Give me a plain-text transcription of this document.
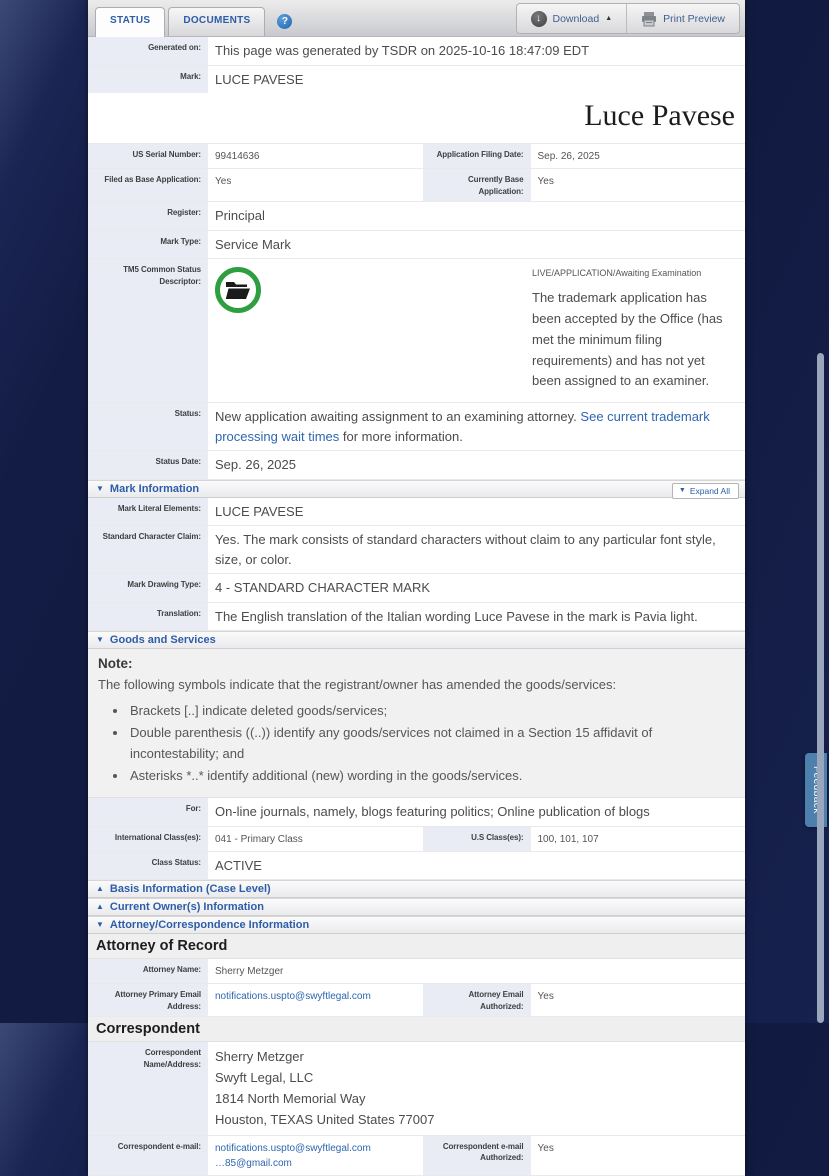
STATUS	DOCUMENTS	?	↓	Download ▲	Print Preview
Generated on:	This page was generated by TSDR on 2025-10-16 18:47:09 EDT
Mark:	LUCE PAVESE
Luce Pavese
US Serial Number:	99414636	Application Filing Date:	Sep. 26, 2025
Filed as Base Application:	Yes	Currently Base Application:
Yes
Register:	Principal
Mark Type:	Service Mark
TM5 Common Status Descriptor:
LIVE/APPLICATION/Awaiting Examination
The trademark application has been accepted by the Office (has met the minimum filing requirements) and has not yet been assigned to an examiner.
Status:	New application awaiting assignment to an examining attorney. See current trademark processing wait times for more information.
Status Date:	Sep. 26, 2025
▼ Mark Information	▼ Expand All
Mark Literal Elements:	LUCE PAVESE
Standard Character Claim:	Yes. The mark consists of standard characters without claim to any particular font style, size, or color.
Mark Drawing Type:	4 - STANDARD CHARACTER MARK
Translation:	The English translation of the Italian wording Luce Pavese in the mark is Pavia light.
▼ Goods and Services
Note:
The following symbols indicate that the registrant/owner has amended the goods/services:
• Brackets [..] indicate deleted goods/services;
• Double parenthesis ((..)) identify any goods/services not claimed in a Section 15 affidavit of incontestability; and
• Asterisks *..* identify additional (new) wording in the goods/services.
For:	On-line journals, namely, blogs featuring politics; Online publication of blogs
International Class(es):	041 - Primary Class	U.S Class(es):	100, 101, 107
Class Status:	ACTIVE
▲ Basis Information (Case Level)
▲ Current Owner(s) Information
▼ Attorney/Correspondence Information
Attorney of Record
Attorney Name:	Sherry Metzger
Attorney Primary Email Address:
notifications.uspto@swyftlegal.com	Attorney Email Authorized:
Yes
Correspondent
Correspondent Name/Address:
Sherry Metzger
Swyft Legal, LLC
1814 North Memorial Way
Houston, TEXAS United States 77007
Correspondent e-mail:	notifications.uspto@swyftlegal.com
…85@gmail.com
Correspondent e-mail Authorized:
Yes
